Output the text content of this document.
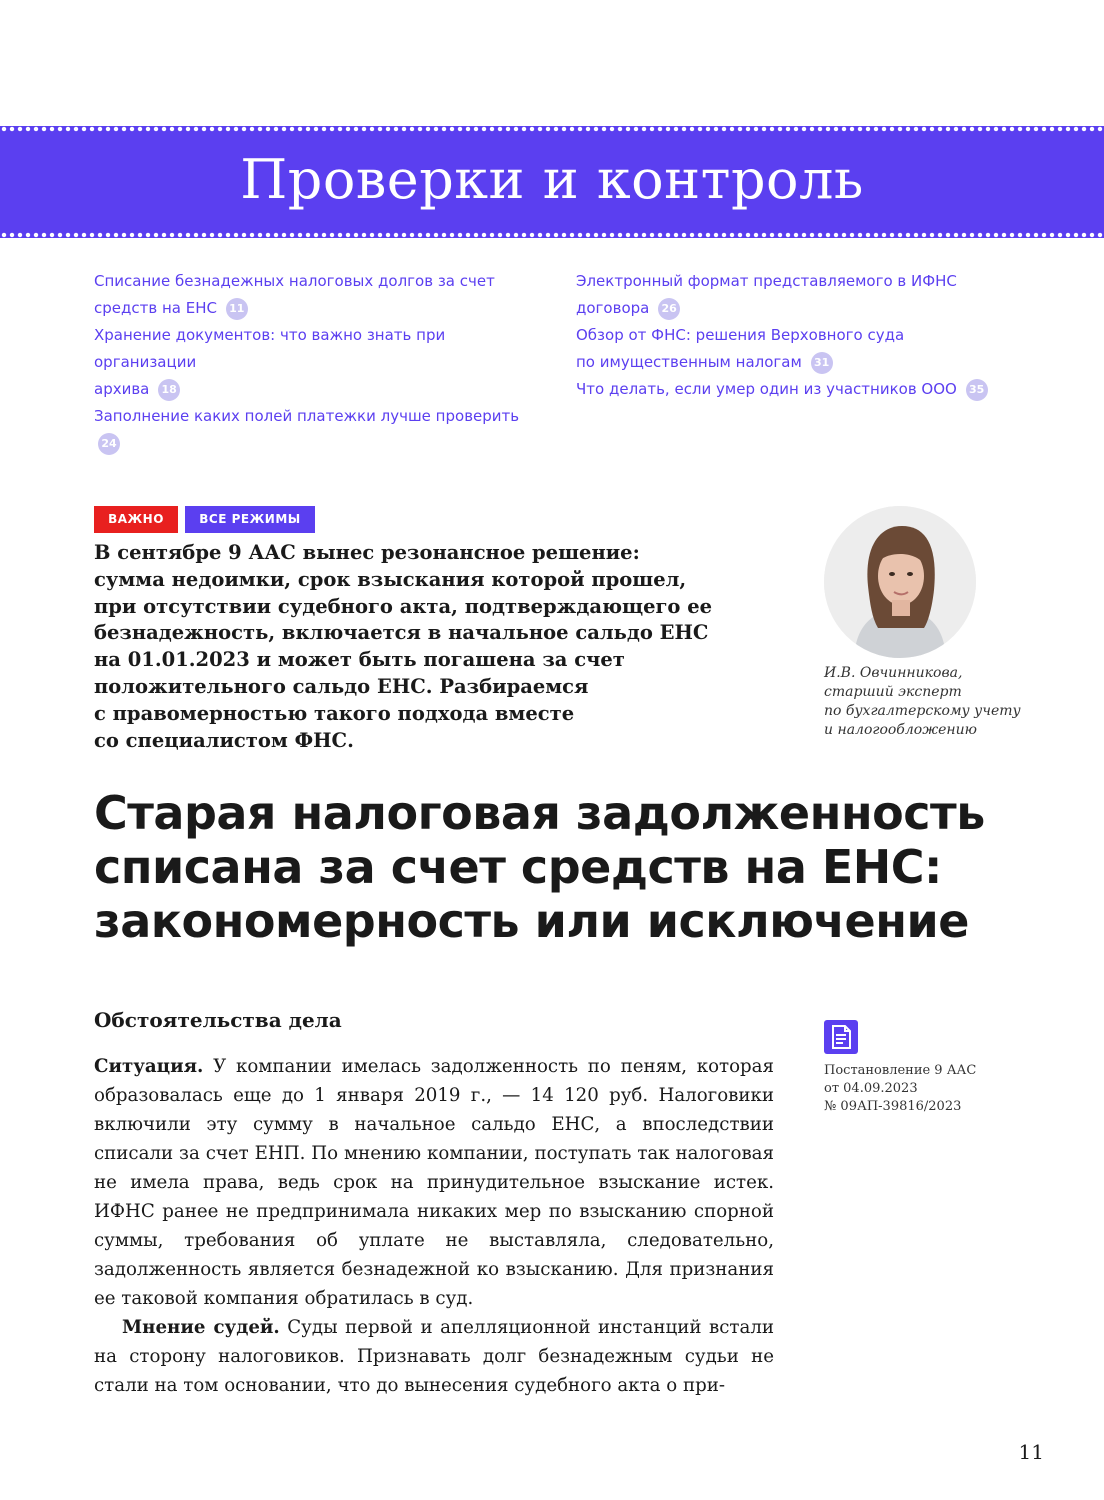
Проверки и контроль
Списание безнадежных налоговых долгов за счет
средств на ЕНС 11
Хранение документов: что важно знать при организации
архива 18
Заполнение каких полей платежки лучше проверить 24
Электронный формат представляемого в ИФНС
договора 26
Обзор от ФНС: решения Верховного суда
по имущественным налогам 31
Что делать, если умер один из участников ООО 35
ВАЖНО	ВСЕ РЕЖИМЫ
В сентябре 9 ААС вынес резонансное решение:
сумма недоимки, срок взыскания которой прошел,
при отсутствии судебного акта, подтверждающего ее
безнадежность, включается в начальное сальдо ЕНС
на 01.01.2023 и может быть погашена за счет
положительного сальдо ЕНС. Разбираемся
с правомерностью такого подхода вместе
со специалистом ФНС.
И.В. Овчинникова,
старший эксперт
по бухгалтерскому учету
и налогообложению
Старая налоговая задолженность
списана за счет средств на ЕНС:
закономерность или исключение
Обстоятельства дела

Ситуация. У компании имелась задолженность по пеням, которая образовалась еще до 1 января 2019 г., — 14 120 руб. Налоговики включили эту сумму в начальное сальдо ЕНС, а впоследствии списали за счет ЕНП. По мнению компании, поступать так налоговая не имела права, ведь срок на принудительное взыскание истек. ИФНС ранее не предпринимала никаких мер по взысканию спорной суммы, требования об уплате не выставляла, следовательно, задолженность является безнадежной ко взысканию. Для признания ее таковой компания обратилась в суд.

Мнение судей. Суды первой и апелляционной инстанций встали на сторону налоговиков. Признавать долг безнадежным судьи не стали на том основании, что до вынесения судебного акта о при-

Постановление 9 ААС
от 04.09.2023
№ 09АП-39816/2023
11
